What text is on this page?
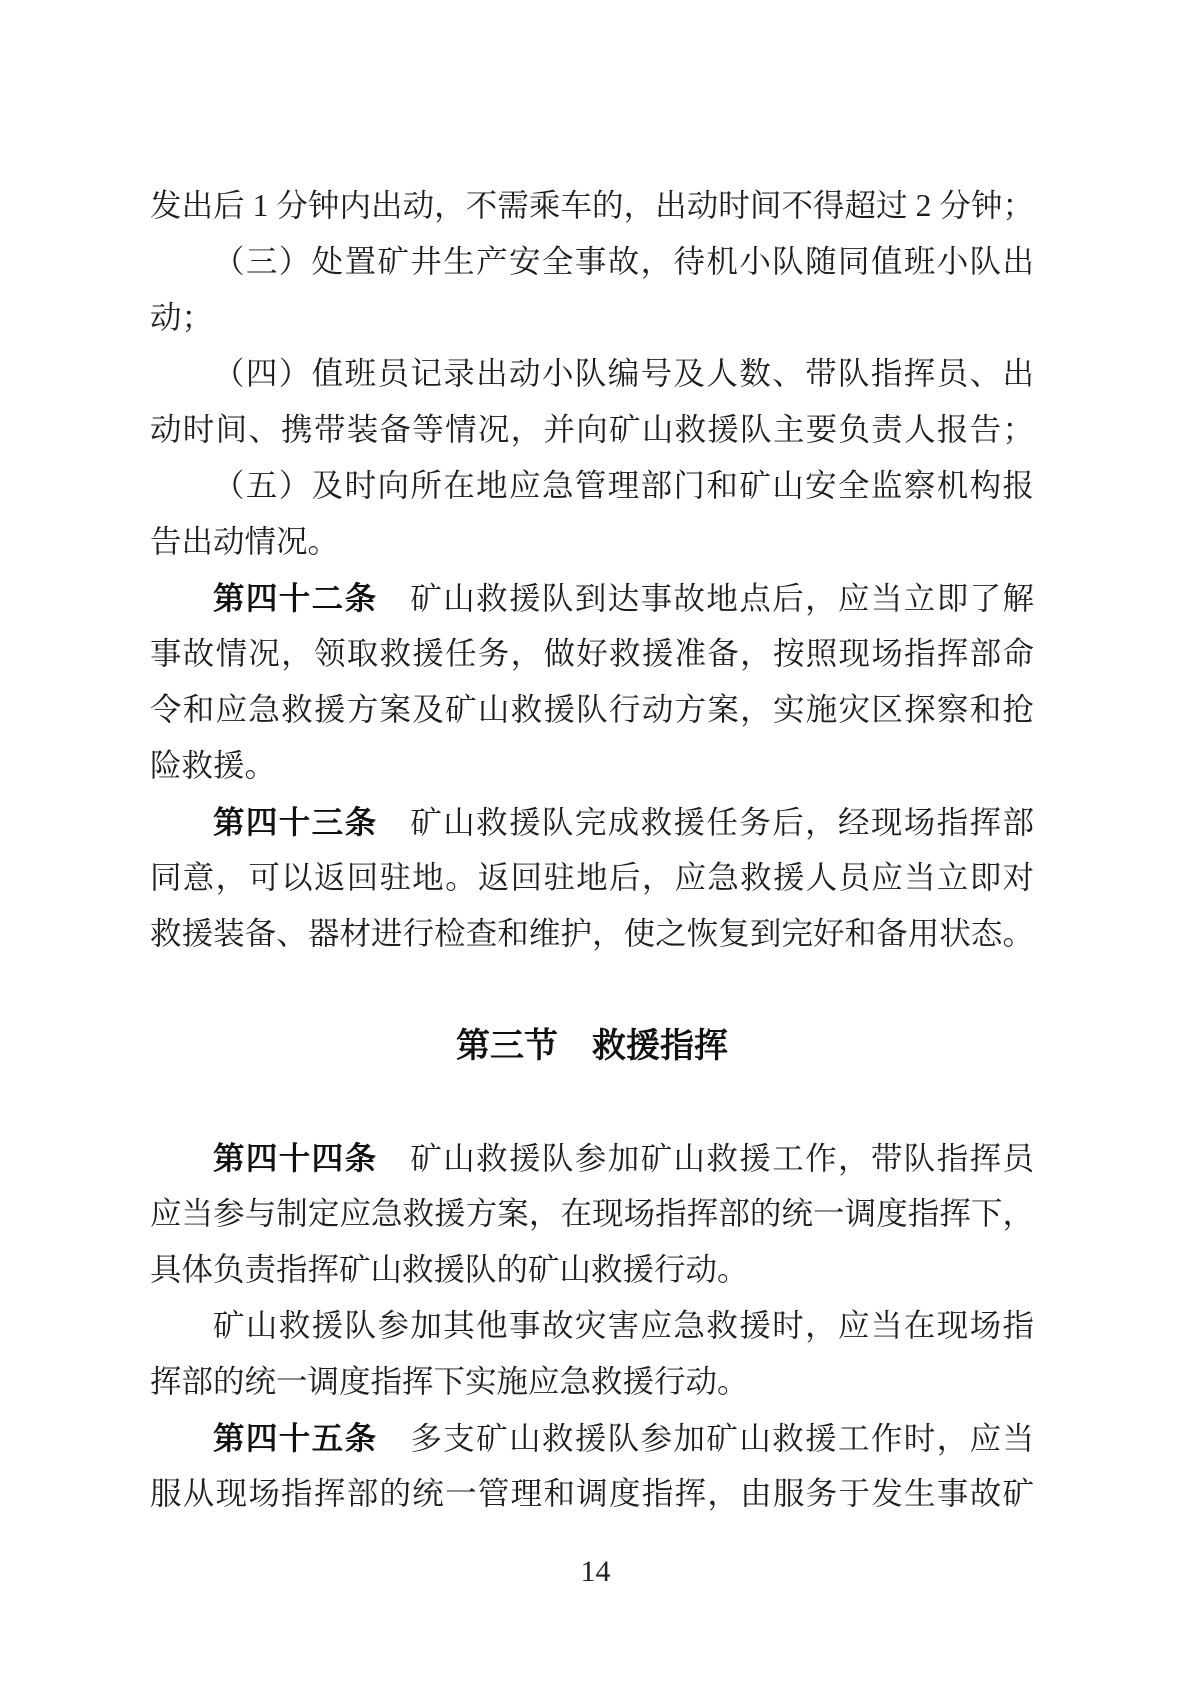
发出后 1 分钟内出动，不需乘车的，出动时间不得超过 2 分钟；
（三）处置矿井生产安全事故，待机小队随同值班小队出
动；
（四）值班员记录出动小队编号及人数、带队指挥员、出
动时间、携带装备等情况，并向矿山救援队主要负责人报告；
（五）及时向所在地应急管理部门和矿山安全监察机构报
告出动情况。
第四十二条　矿山救援队到达事故地点后，应当立即了解
事故情况，领取救援任务，做好救援准备，按照现场指挥部命
令和应急救援方案及矿山救援队行动方案，实施灾区探察和抢
险救援。
第四十三条　矿山救援队完成救援任务后，经现场指挥部
同意，可以返回驻地。返回驻地后，应急救援人员应当立即对
救援装备、器材进行检查和维护，使之恢复到完好和备用状态。
第三节　救援指挥
第四十四条　矿山救援队参加矿山救援工作，带队指挥员
应当参与制定应急救援方案，在现场指挥部的统一调度指挥下，
具体负责指挥矿山救援队的矿山救援行动。
矿山救援队参加其他事故灾害应急救援时，应当在现场指
挥部的统一调度指挥下实施应急救援行动。
第四十五条　多支矿山救援队参加矿山救援工作时，应当
服从现场指挥部的统一管理和调度指挥，由服务于发生事故矿
14
